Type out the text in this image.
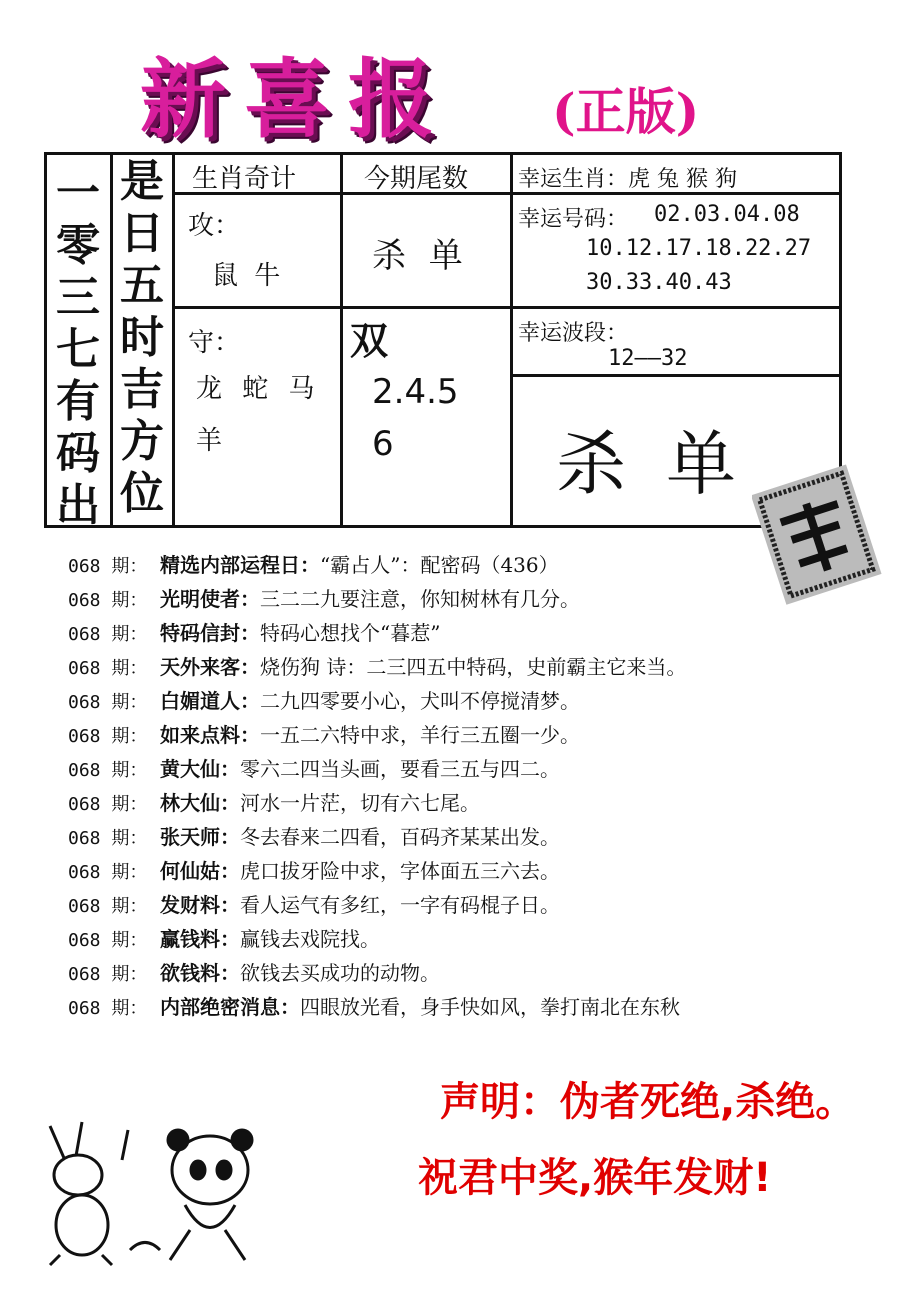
新喜报 (正版)
一
零
三
七
有
码
出
是
日
五
时
吉
方
位
生肖奇计	今期尾数 幸运生肖：虎 兔 猴 狗
攻：
鼠 牛	杀 单
幸运号码： 02.03.04.08
10.12.17.18.22.27
30.33.40.43
守：
龙 蛇 马
羊
双
2.4.5
6
幸运波段：
12——32
杀单
068 期： 精选内部运程日：“霸占人”：配密码（436）
068 期： 光明使者：三二二九要注意，你知树林有几分。
068 期： 特码信封：特码心想找个“暮惹”
068 期： 天外来客：烧伤狗 诗：二三四五中特码，史前霸主它来当。
068 期： 白媚道人：二九四零要小心，犬叫不停搅清梦。
068 期： 如来点料：一五二六特中求，羊行三五圈一少。
068 期： 黄大仙：零六二四当头画，要看三五与四二。
068 期： 林大仙：河水一片茫，切有六七尾。
068 期： 张天师：冬去春来二四看，百码齐某某出发。
068 期： 何仙姑：虎口拔牙险中求，字体面五三六去。
068 期： 发财料：看人运气有多红，一字有码棍子日。
068 期： 赢钱料：赢钱去戏院找。
068 期： 欲钱料：欲钱去买成功的动物。
068 期： 内部绝密消息：四眼放光看，身手快如风，拳打南北在东秋
声明：伪者死绝,杀绝。
祝君中奖,猴年发财!
